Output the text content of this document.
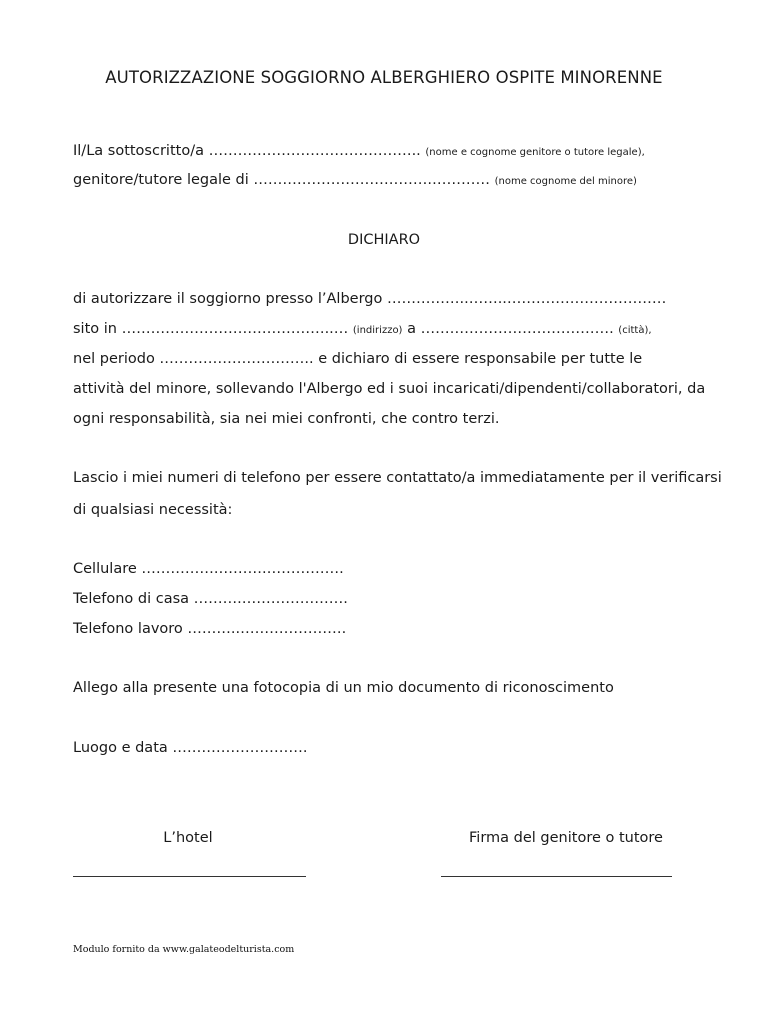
AUTORIZZAZIONE SOGGIORNO ALBERGHIERO OSPITE MINORENNE
Il/La sottoscritto/a …………………………………….. (nome e cognome genitore o tutore legale),
genitore/tutore legale di ……………………………….………… (nome cognome del minore)
DICHIARO
di autorizzare il soggiorno presso l’Albergo ……………..……..……………………………
sito in ……………………………………..… (indirizzo) a …………………………………. (città),
nel periodo ………………………….. e dichiaro di essere responsabile per tutte le
attività del minore, sollevando l'Albergo ed i suoi incaricati/dipendenti/collaboratori, da
ogni responsabilità, sia nei miei confronti, che contro terzi.
Lascio i miei numeri di telefono per essere contattato/a immediatamente per il verificarsi
di qualsiasi necessità:
Cellulare …………….……….…………….
Telefono di casa ……….………………….
Telefono lavoro ………..………………….
Allego alla presente una fotocopia di un mio documento di riconoscimento
Luogo e data ……………………….
L’hotel	Firma del genitore o tutore
Modulo fornito da www.galateodelturista.com
